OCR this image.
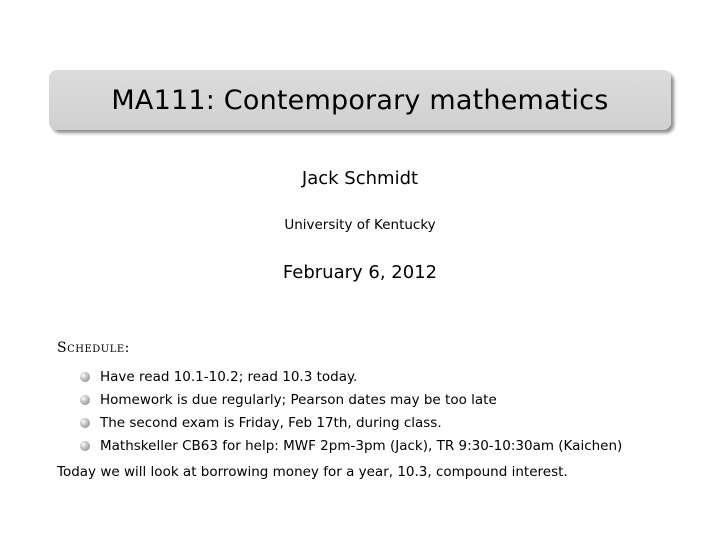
MA111: Contemporary mathematics
Jack Schmidt
University of Kentucky
February 6, 2012
Schedule:
Have read 10.1-10.2; read 10.3 today.
Homework is due regularly; Pearson dates may be too late
The second exam is Friday, Feb 17th, during class.
Mathskeller CB63 for help: MWF 2pm-3pm (Jack), TR 9:30-10:30am (Kaichen)
Today we will look at borrowing money for a year, 10.3, compound interest.
